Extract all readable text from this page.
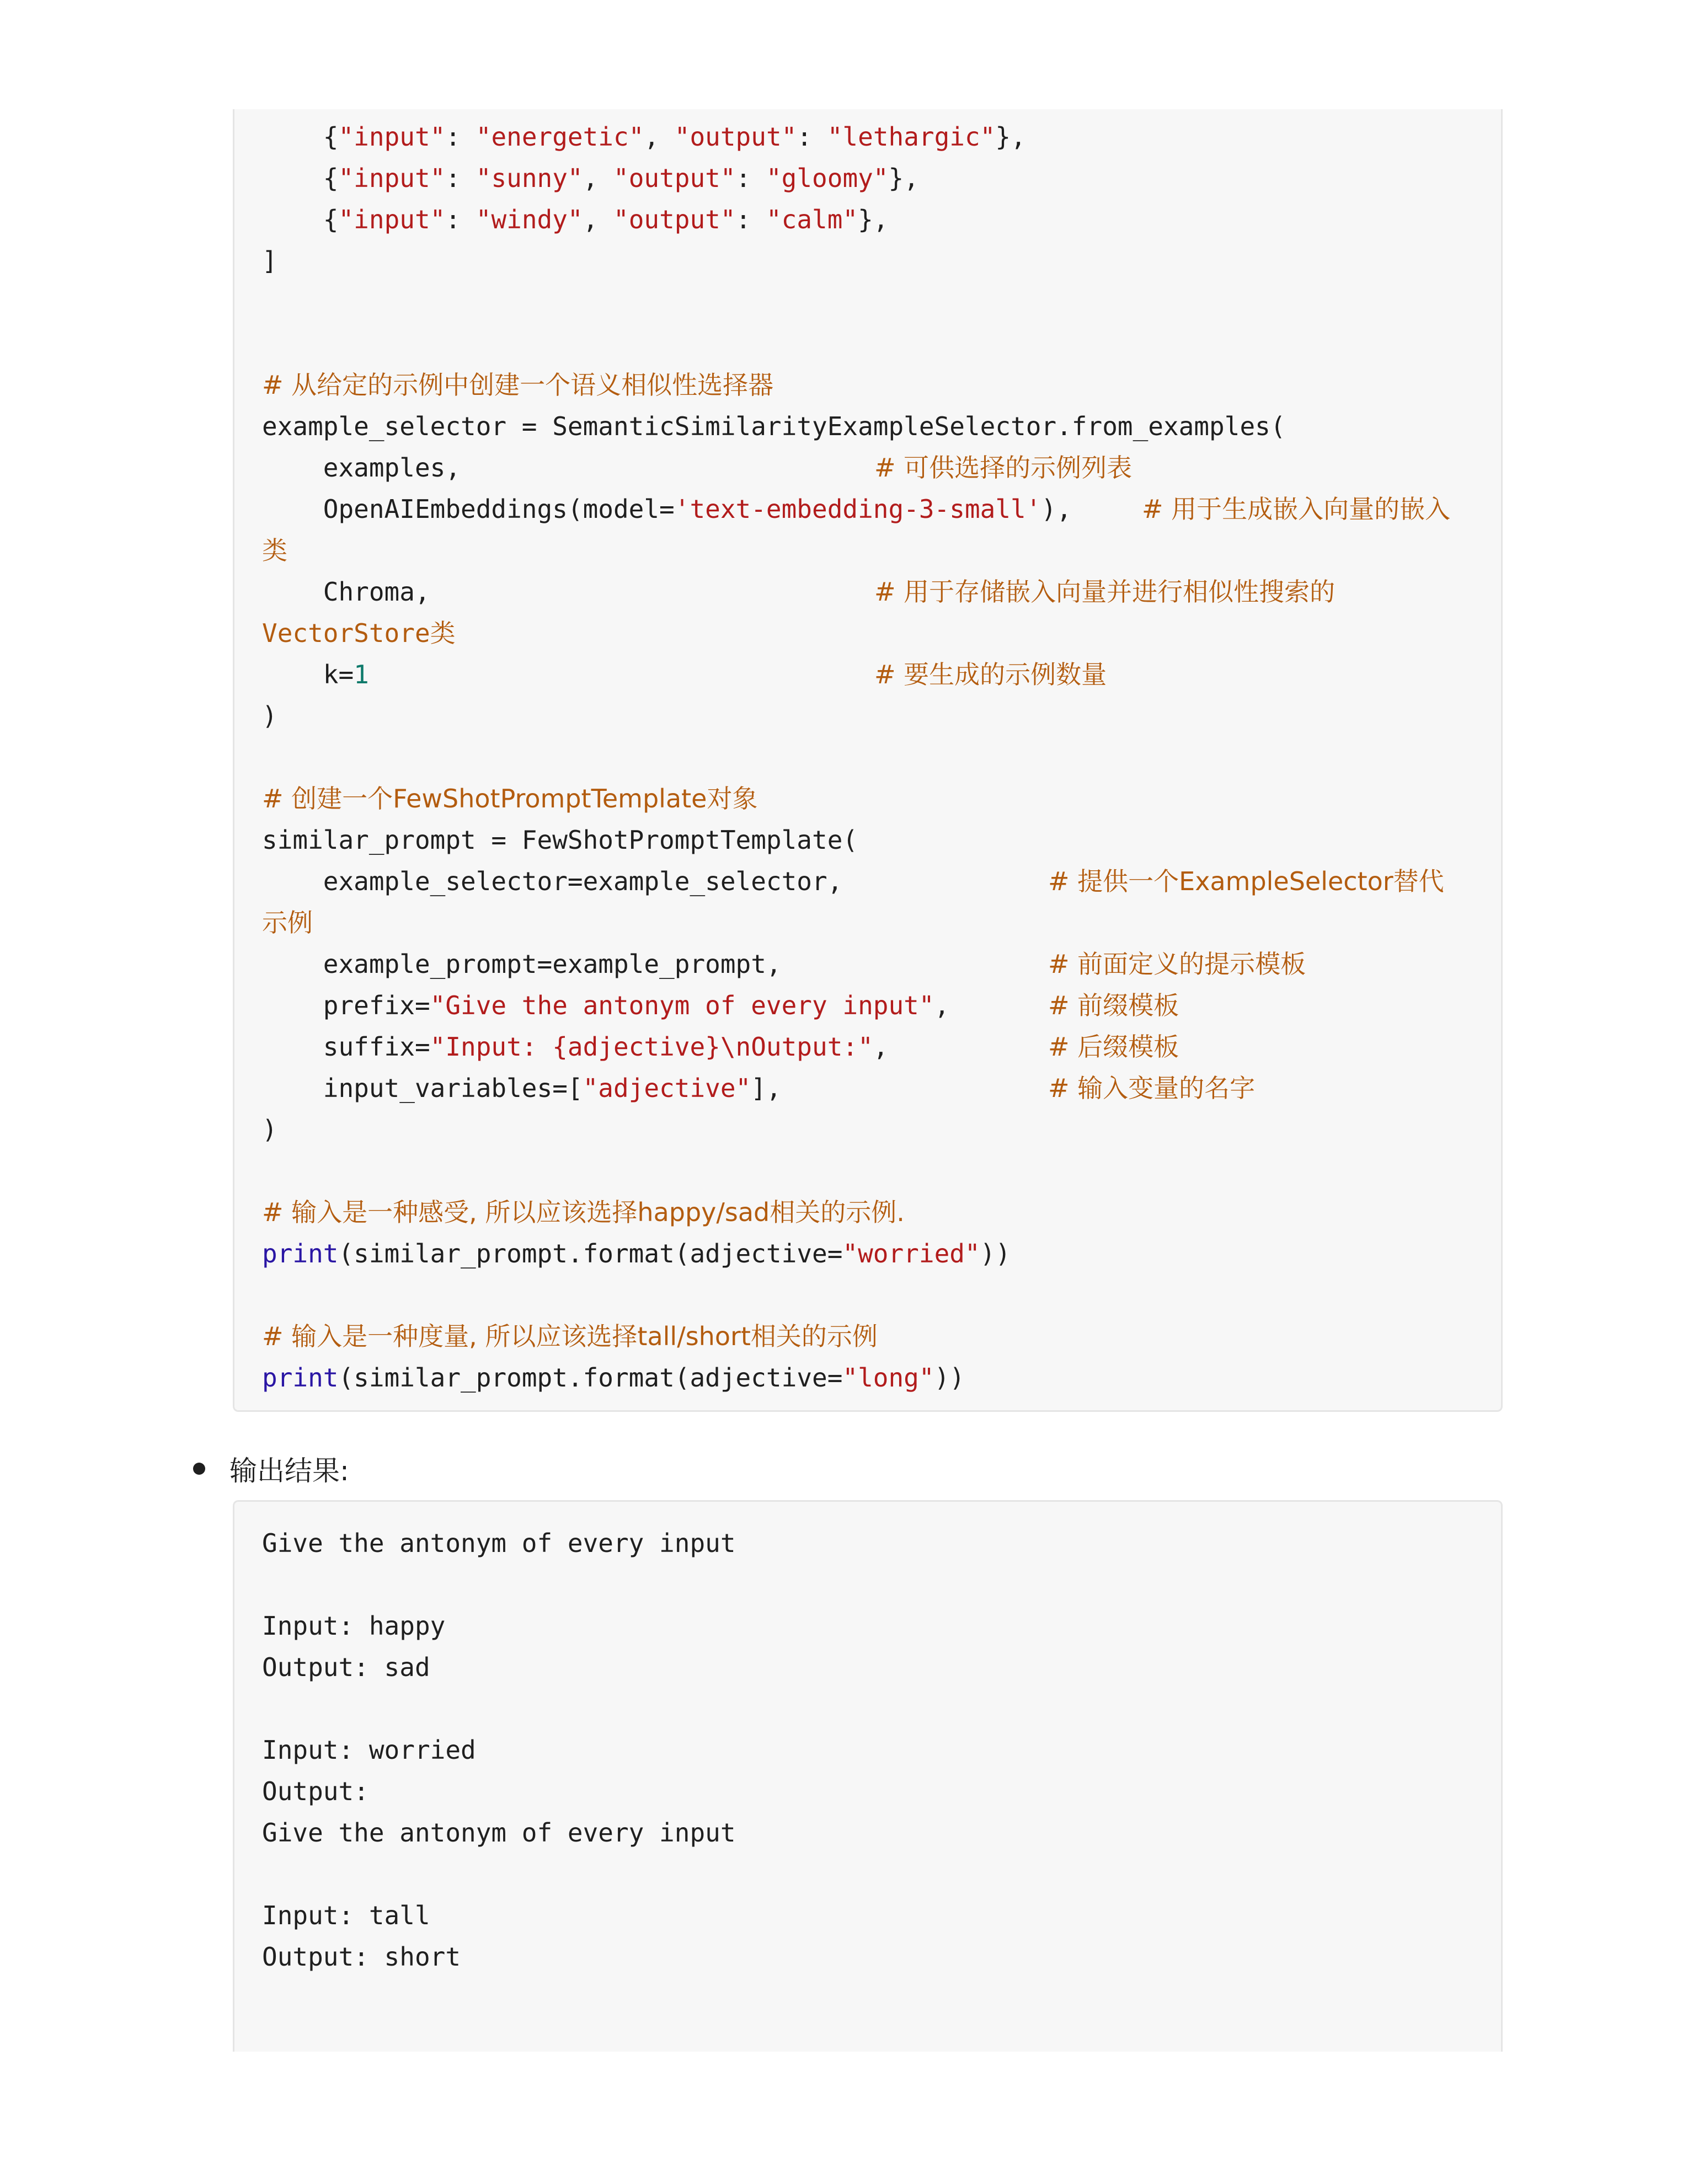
{"input": "energetic", "output": "lethargic"},
{"input": "sunny", "output": "gloomy"},
{"input": "windy", "output": "calm"},
]
# 从给定的示例中创建一个语义相似性选择器
example_selector = SemanticSimilarityExampleSelector.from_examples(
examples,	# 可供选择的示例列表
OpenAIEmbeddings(model='text-embedding-3-small'),	# 用于生成嵌入向量的嵌入
类
Chroma,	# 用于存储嵌入向量并进行相似性搜索的
VectorStore类
k=1	# 要生成的示例数量
)
# 创建一个FewShotPromptTemplate对象
similar_prompt = FewShotPromptTemplate(
example_selector=example_selector,	# 提供一个ExampleSelector替代
示例
example_prompt=example_prompt,	# 前面定义的提示模板
prefix="Give the antonym of every input",	# 前缀模板
suffix="Input: {adjective}\nOutput:",	# 后缀模板
input_variables=["adjective"],	# 输入变量的名字
)
# 输入是一种感受, 所以应该选择happy/sad相关的示例.
print(similar_prompt.format(adjective="worried"))
# 输入是一种度量, 所以应该选择tall/short相关的示例
print(similar_prompt.format(adjective="long"))
输出结果:
Give the antonym of every input
Input: happy
Output: sad
Input: worried
Output:
Give the antonym of every input
Input: tall
Output: short
